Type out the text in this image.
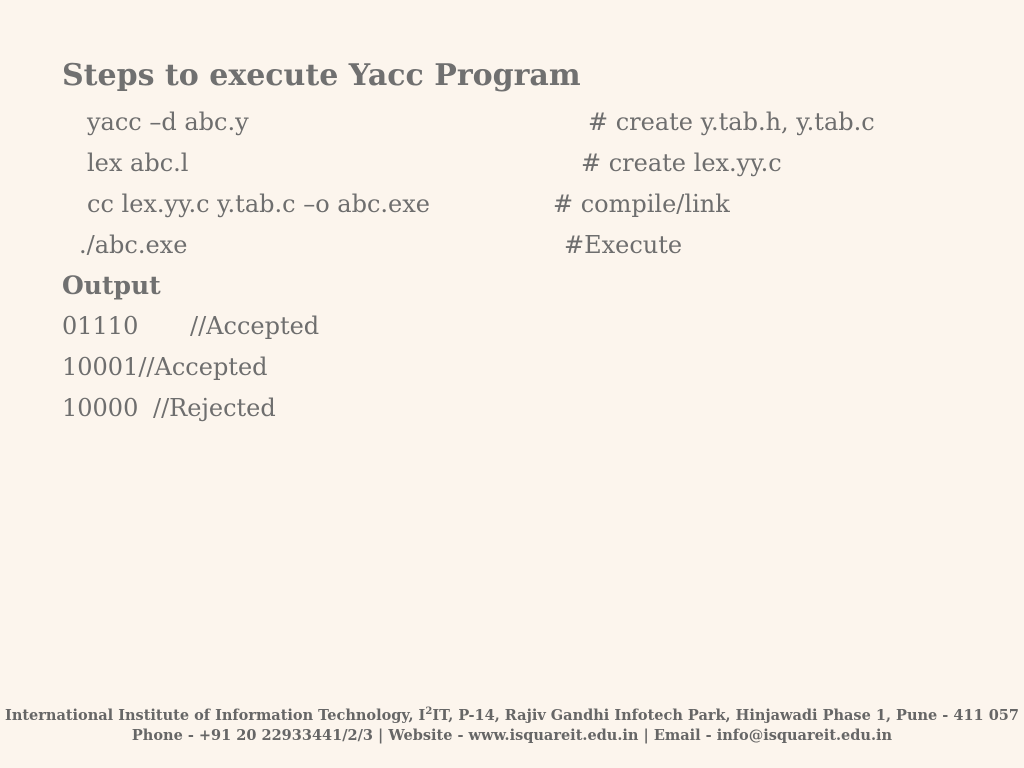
Steps to execute Yacc Program
yacc –d abc.y	# create y.tab.h, y.tab.c
lex abc.l	# create lex.yy.c
cc lex.yy.c y.tab.c –o abc.exe	# compile/link
./abc.exe	#Execute
Output
01110 //Accepted
10001//Accepted
10000 //Rejected
International Institute of Information Technology, $I^2IT$, P-14, Rajiv Gandhi Infotech Park, Hinjawadi Phase 1, Pune - 411 057
Phone - +91 20 22933441/2/3 | Website - www.isquareit.edu.in | Email - info@isquareit.edu.in
